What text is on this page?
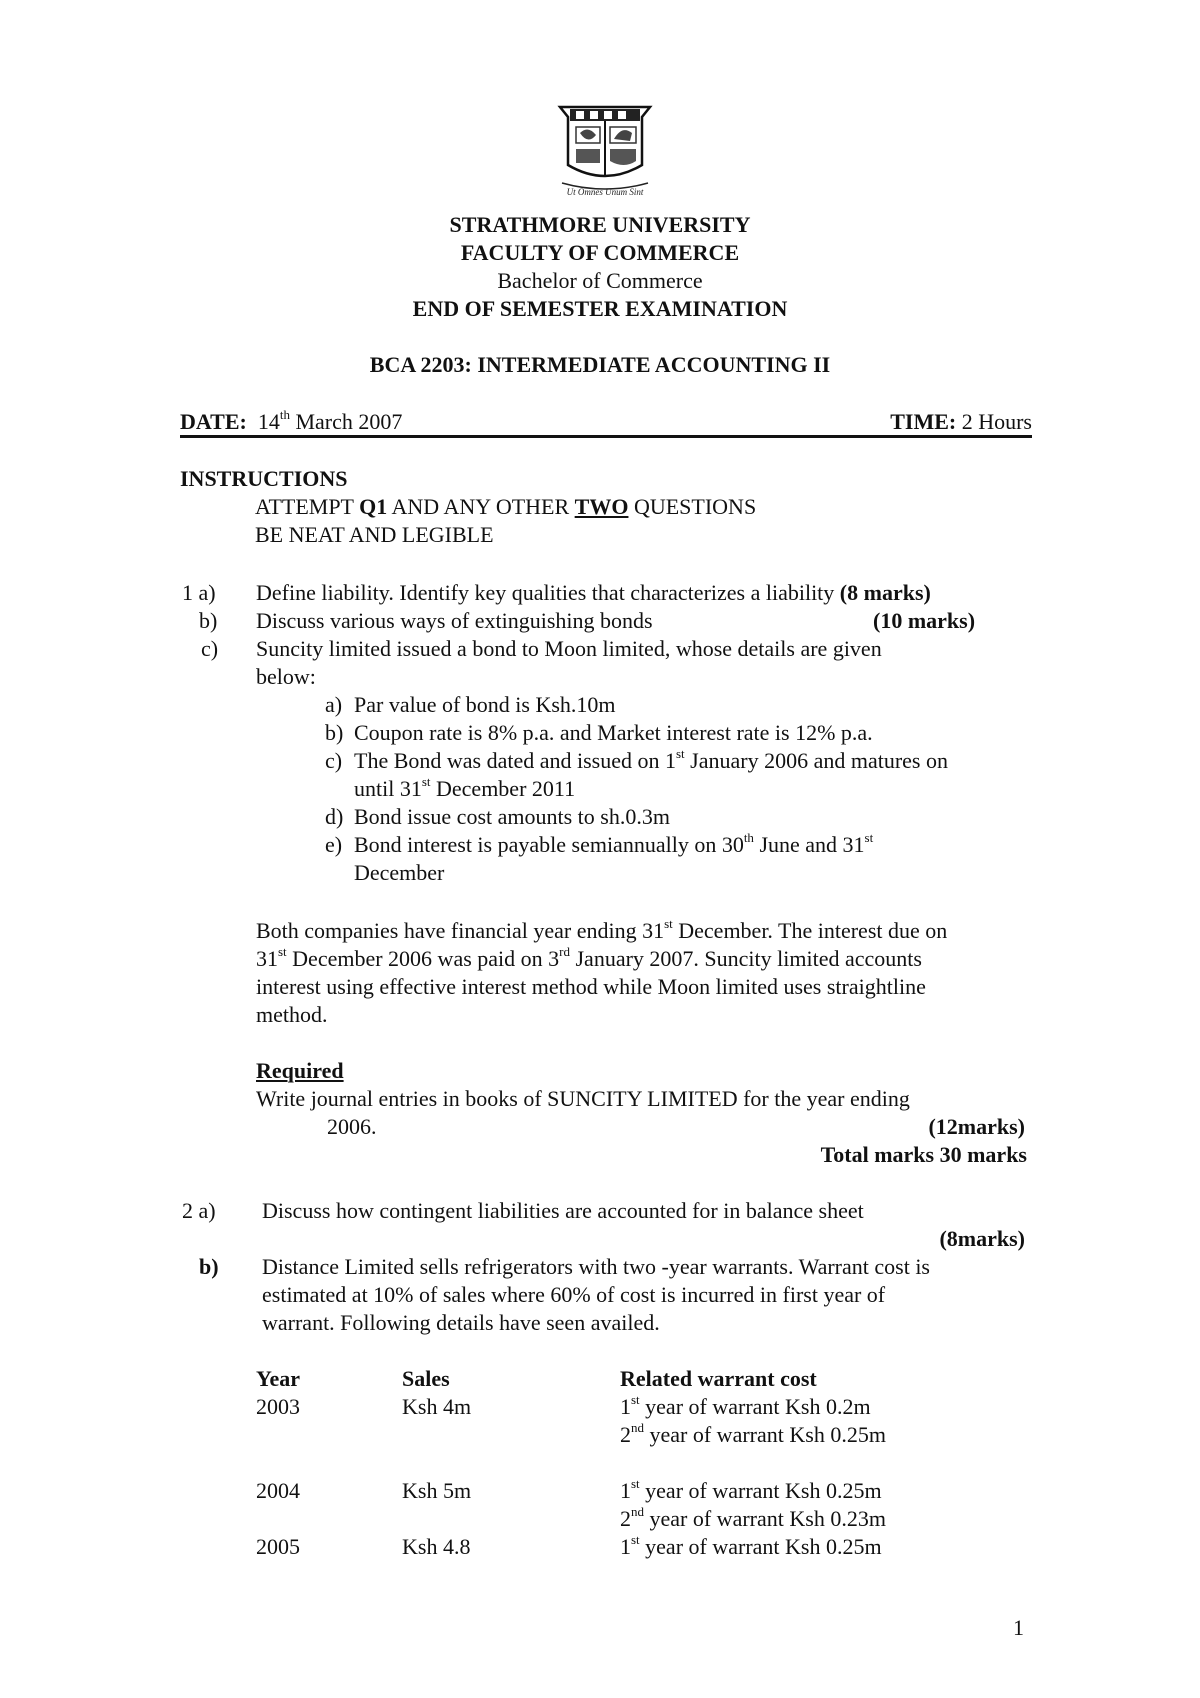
Ut Omnes Unum Sint
STRATHMORE UNIVERSITY
FACULTY OF COMMERCE
Bachelor of Commerce
END OF SEMESTER EXAMINATION
BCA 2203: INTERMEDIATE ACCOUNTING II
DATE: 14th March 2007	TIME: 2 Hours
INSTRUCTIONS
ATTEMPT Q1 AND ANY OTHER TWO QUESTIONS
BE NEAT AND LEGIBLE
1 a) Define liability. Identify key qualities that characterizes a liability (8 marks)
b) Discuss various ways of extinguishing bonds	(10 marks)
c) Suncity limited issued a bond to Moon limited, whose details are given
below:
a) Par value of bond is Ksh.10m
b) Coupon rate is 8% p.a. and Market interest rate is 12% p.a.
c) The Bond was dated and issued on 1st January 2006 and matures on
until 31st December 2011
d) Bond issue cost amounts to sh.0.3m
e) Bond interest is payable semiannually on 30th June and 31st
December
Both companies have financial year ending 31st December. The interest due on
31st December 2006 was paid on 3rd January 2007. Suncity limited accounts
interest using effective interest method while Moon limited uses straightline
method.
Required
Write journal entries in books of SUNCITY LIMITED for the year ending
2006.	(12marks)
Total marks 30 marks
2 a) Discuss how contingent liabilities are accounted for in balance sheet
(8marks)
b) Distance Limited sells refrigerators with two -year warrants. Warrant cost is
estimated at 10% of sales where 60% of cost is incurred in first year of
warrant. Following details have seen availed.
Year	Sales	Related warrant cost
2003	Ksh 4m	1st year of warrant Ksh 0.2m
2nd year of warrant Ksh 0.25m
2004	Ksh 5m	1st year of warrant Ksh 0.25m
2nd year of warrant Ksh 0.23m
2005	Ksh 4.8	1st year of warrant Ksh 0.25m
1
